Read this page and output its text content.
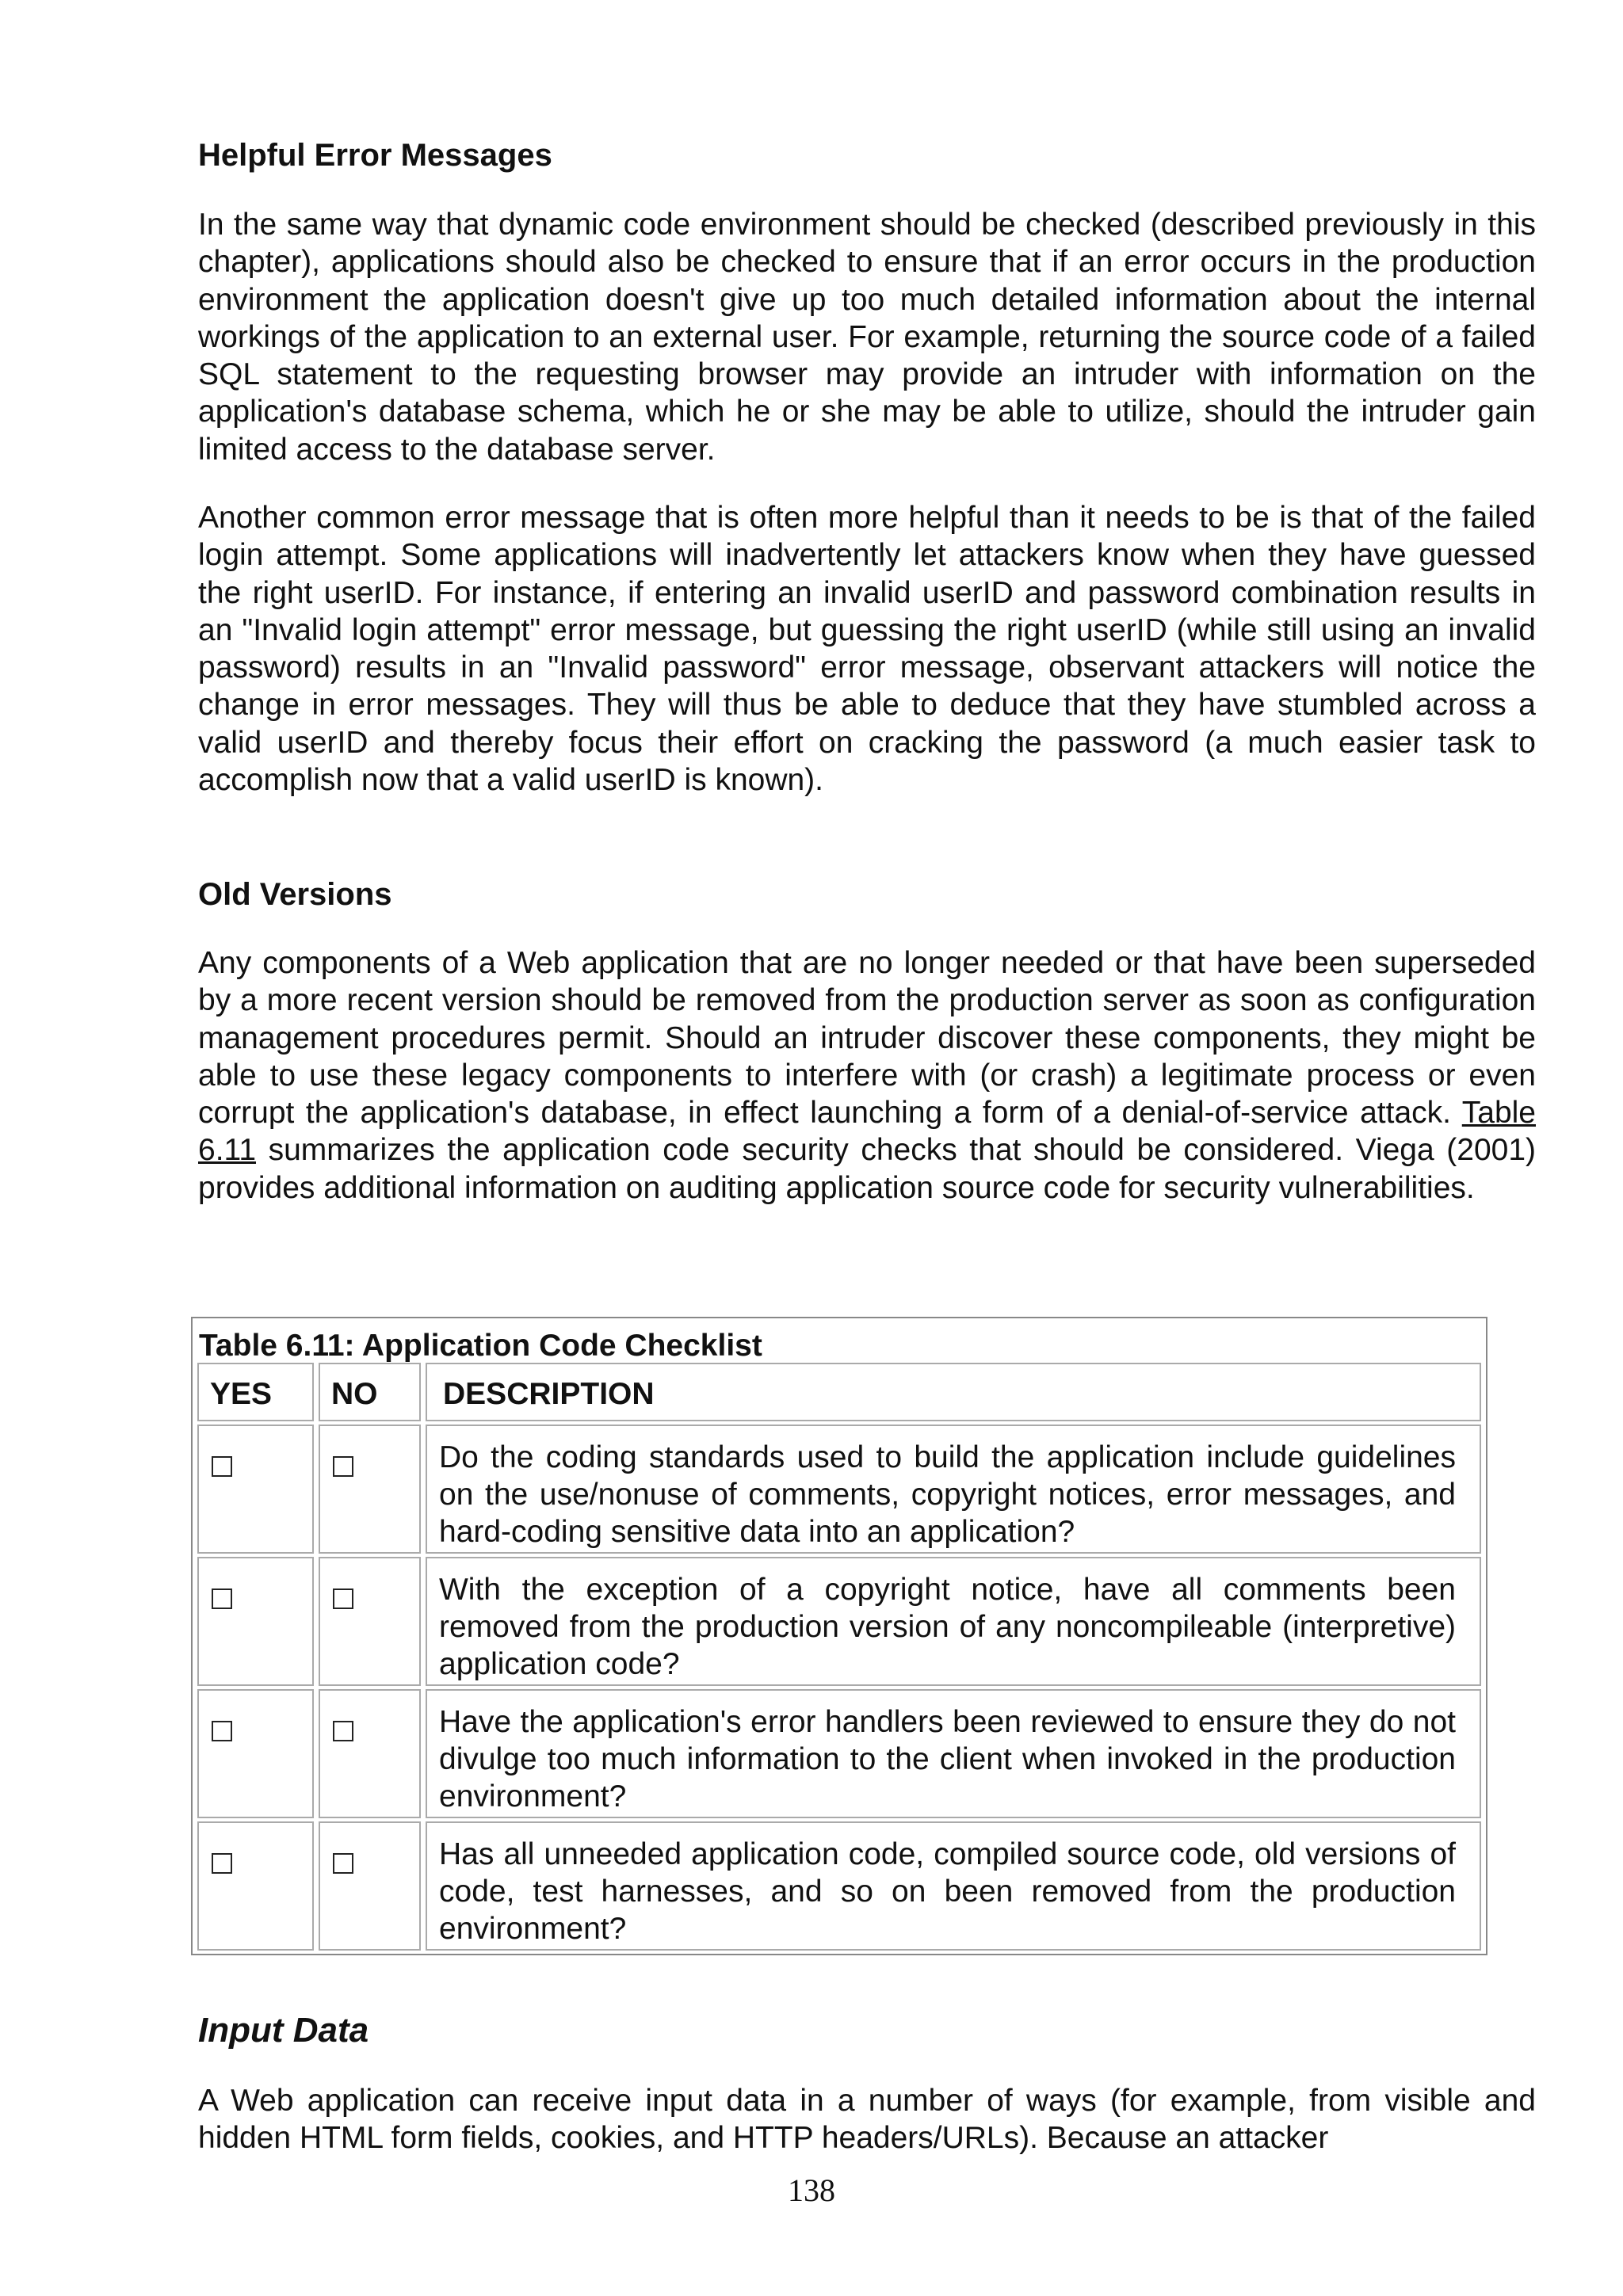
Helpful Error Messages

In the same way that dynamic code environment should be checked (described previously in this chapter), applications should also be checked to ensure that if an error occurs in the production environment the application doesn't give up too much detailed information about the internal workings of the application to an external user. For example, returning the source code of a failed SQL statement to the requesting browser may provide an intruder with information on the application's database schema, which he or she may be able to utilize, should the intruder gain limited access to the database server.

Another common error message that is often more helpful than it needs to be is that of the failed login attempt. Some applications will inadvertently let attackers know when they have guessed the right userID. For instance, if entering an invalid userID and password combination results in an "Invalid login attempt" error message, but guessing the right userID (while still using an invalid password) results in an "Invalid password" error message, observant attackers will notice the change in error messages. They will thus be able to deduce that they have stumbled across a valid userID and thereby focus their effort on cracking the password (a much easier task to accomplish now that a valid userID is known).

Old Versions

Any components of a Web application that are no longer needed or that have been superseded by a more recent version should be removed from the production server as soon as configuration management procedures permit. Should an intruder discover these components, they might be able to use these legacy components to interfere with (or crash) a legitimate process or even corrupt the application's database, in effect launching a form of a denial-of-service attack. Table 6.11 summarizes the application code security checks that should be considered. Viega (2001) provides additional information on auditing application source code for security vulnerabilities.

Table 6.11: Application Code Checklist
YES	NO	DESCRIPTION
Do the coding standards used to build the application include guidelines on the use/nonuse of comments, copyright notices, error messages, and hard-coding sensitive data into an application?
With the exception of a copyright notice, have all comments been removed from the production version of any noncompileable (interpretive) application code?
Have the application's error handlers been reviewed to ensure they do not divulge too much information to the client when invoked in the production environment?
Has all unneeded application code, compiled source code, old versions of code, test harnesses, and so on been removed from the production environment?
Input Data

A Web application can receive input data in a number of ways (for example, from visible and hidden HTML form fields, cookies, and HTTP headers/URLs). Because an attacker

138
